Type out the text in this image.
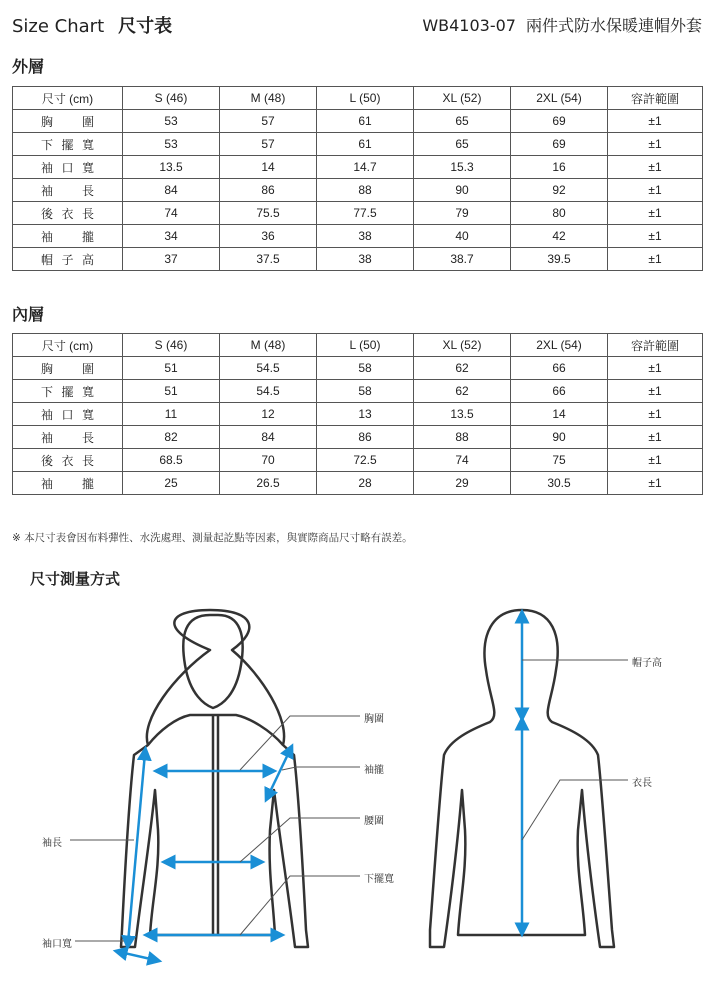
Size Chart 尺寸表	WB4103-07 兩件式防水保暖連帽外套
外層
尺寸 (cm)	S (46)	M (48)	L (50)	XL (52)	2XL (54)	容許範圍

胸 圍	53	57	61	65	69	±1

下 擺 寬	53	57	61	65	69	±1

袖 口 寬	13.5	14	14.7	15.3	16	±1

袖 長	84	86	88	90	92	±1

後 衣 長	74	75.5	77.5	79	80	±1

袖 攏	34	36	38	40	42	±1

帽 子 高	37	37.5	38	38.7	39.5	±1
內層
尺寸 (cm)	S (46)	M (48)	L (50)	XL (52)	2XL (54)	容許範圍

胸 圍	51	54.5	58	62	66	±1

下 擺 寬	51	54.5	58	62	66	±1

袖 口 寬	11	12	13	13.5	14	±1

袖 長	82	84	86	88	90	±1

後 衣 長	68.5	70	72.5	74	75	±1

袖 攏	25	26.5	28	29	30.5	±1
※ 本尺寸表會因布料彈性、水洗處理、測量起訖點等因素，與實際商品尺寸略有誤差。
尺寸測量方式
胸圍
袖攏
腰圍
下擺寬
袖長
袖口寬
帽子高
衣長
